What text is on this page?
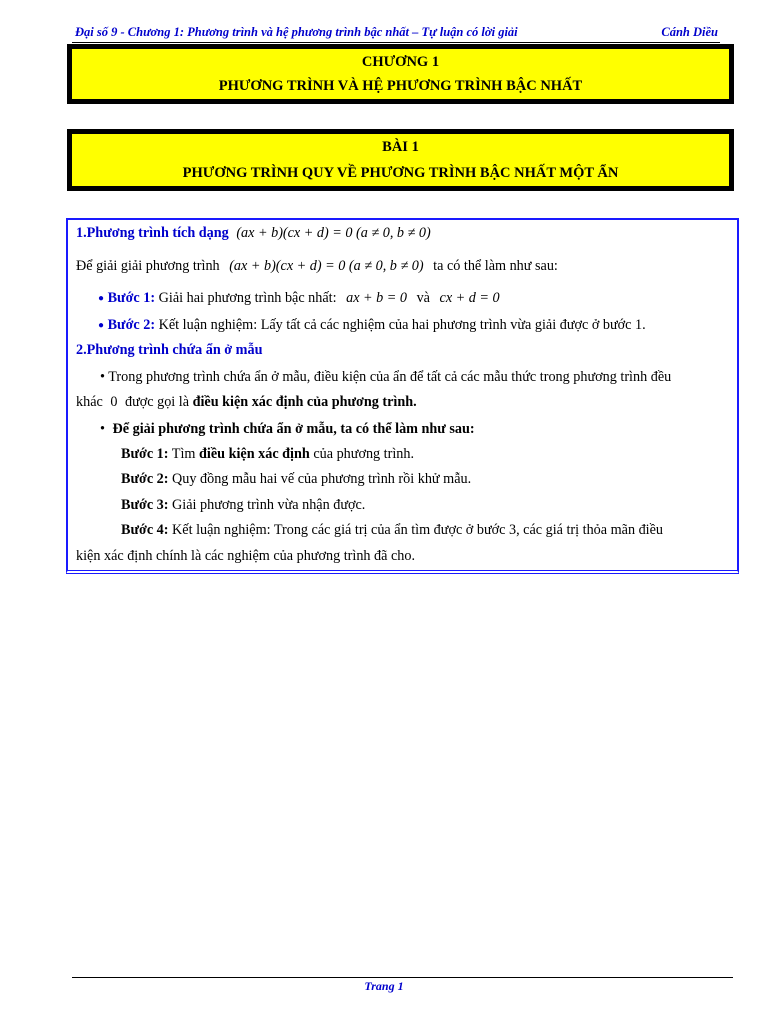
Đại số 9 - Chương 1: Phương trình và hệ phương trình bậc nhất – Tự luận có lời giải	Cánh Diều
CHƯƠNG 1
PHƯƠNG TRÌNH VÀ HỆ PHƯƠNG TRÌNH BẬC NHẤT
BÀI 1
PHƯƠNG TRÌNH QUY VỀ PHƯƠNG TRÌNH BẬC NHẤT MỘT ẨN
1.Phương trình tích dạng (ax + b)(cx + d) = 0 (a ≠ 0, b ≠ 0)
Để giải giải phương trình (ax + b)(cx + d) = 0 (a ≠ 0, b ≠ 0) ta có thể làm như sau:
● Bước 1: Giải hai phương trình bậc nhất: ax + b = 0 và cx + d = 0
● Bước 2: Kết luận nghiệm: Lấy tất cả các nghiệm của hai phương trình vừa giải được ở bước 1.
2.Phương trình chứa ẩn ở mẫu
• Trong phương trình chứa ẩn ở mẫu, điều kiện của ẩn để tất cả các mẫu thức trong phương trình đều
khác 0 được gọi là điều kiện xác định của phương trình.
• Để giải phương trình chứa ẩn ở mẫu, ta có thể làm như sau:
Bước 1: Tìm điều kiện xác định của phương trình.
Bước 2: Quy đồng mẫu hai vế của phương trình rồi khử mẫu.
Bước 3: Giải phương trình vừa nhận được.
Bước 4: Kết luận nghiệm: Trong các giá trị của ẩn tìm được ở bước 3, các giá trị thỏa mãn điều
kiện xác định chính là các nghiệm của phương trình đã cho.
Trang 1
